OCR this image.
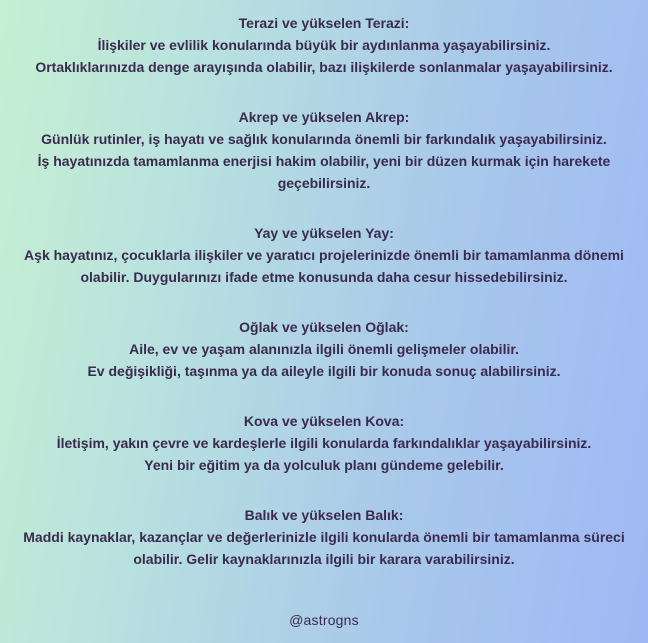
Terazi ve yükselen Terazi:
İlişkiler ve evlilik konularında büyük bir aydınlanma yaşayabilirsiniz.
Ortaklıklarınızda denge arayışında olabilir, bazı ilişkilerde sonlanmalar yaşayabilirsiniz.
Akrep ve yükselen Akrep:
Günlük rutinler, iş hayatı ve sağlık konularında önemli bir farkındalık yaşayabilirsiniz.
İş hayatınızda tamamlanma enerjisi hakim olabilir, yeni bir düzen kurmak için harekete
geçebilirsiniz.
Yay ve yükselen Yay:
Aşk hayatınız, çocuklarla ilişkiler ve yaratıcı projelerinizde önemli bir tamamlanma dönemi
olabilir. Duygularınızı ifade etme konusunda daha cesur hissedebilirsiniz.
Oğlak ve yükselen Oğlak:
Aile, ev ve yaşam alanınızla ilgili önemli gelişmeler olabilir.
Ev değişikliği, taşınma ya da aileyle ilgili bir konuda sonuç alabilirsiniz.
Kova ve yükselen Kova:
İletişim, yakın çevre ve kardeşlerle ilgili konularda farkındalıklar yaşayabilirsiniz.
Yeni bir eğitim ya da yolculuk planı gündeme gelebilir.
Balık ve yükselen Balık:
Maddi kaynaklar, kazançlar ve değerlerinizle ilgili konularda önemli bir tamamlanma süreci
olabilir. Gelir kaynaklarınızla ilgili bir karara varabilirsiniz.
@astrogns
